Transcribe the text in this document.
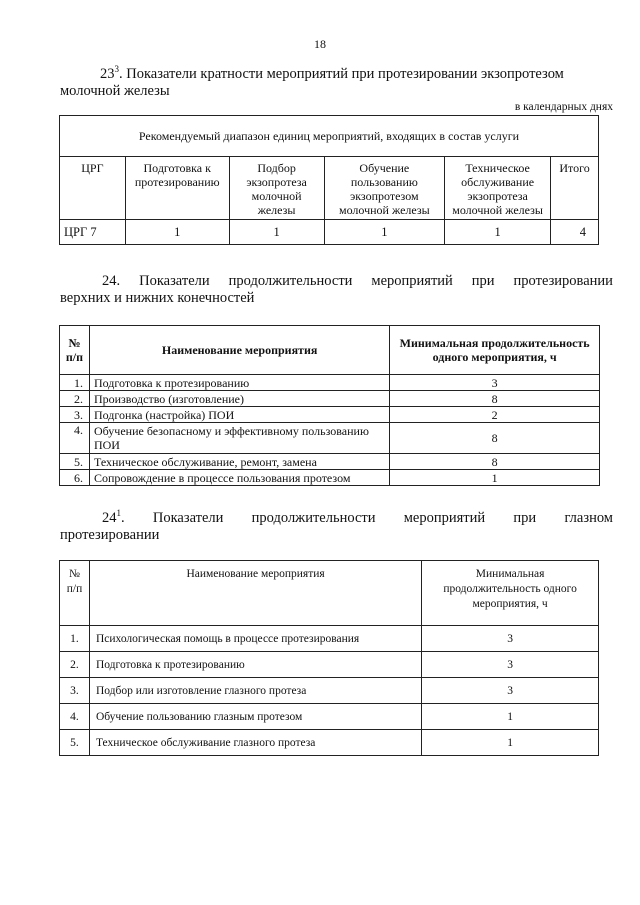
18
$23^3$. Показатели кратности мероприятий при протезировании экзопротезом
молочной железы
в календарных днях
Рекомендуемый диапазон единиц мероприятий, входящих в состав услуги					
ЦРГ	Подготовка к протезированию	Подбор экзопротеза молочной железы	Обучение пользованию экзопротезом молочной железы	Техническое обслуживание экзопротеза молочной железы	Итого
ЦРГ 7	1	1	1	1	4
24. Показатели продолжительности мероприятий при протезировании
верхних и нижних конечностей
№ п/п	Наименование мероприятия	Минимальная продолжительность одного мероприятия, ч
1.	Подготовка к протезированию	3
2.	Производство (изготовление)	8
3.	Подгонка (настройка) ПОИ	2
4.	Обучение безопасному и эффективному пользованию ПОИ	8
5.	Техническое обслуживание, ремонт, замена	8
6.	Сопровождение в процессе пользования протезом	1
$24^1$. Показатели продолжительности мероприятий при глазном
протезировании
№ п/п	Наименование мероприятия	Минимальная продолжительность одного мероприятия, ч
1.	Психологическая помощь в процессе протезирования	3
2.	Подготовка к протезированию	3
3.	Подбор или изготовление глазного протеза	3
4.	Обучение пользованию глазным протезом	1
5.	Техническое обслуживание глазного протеза	1
